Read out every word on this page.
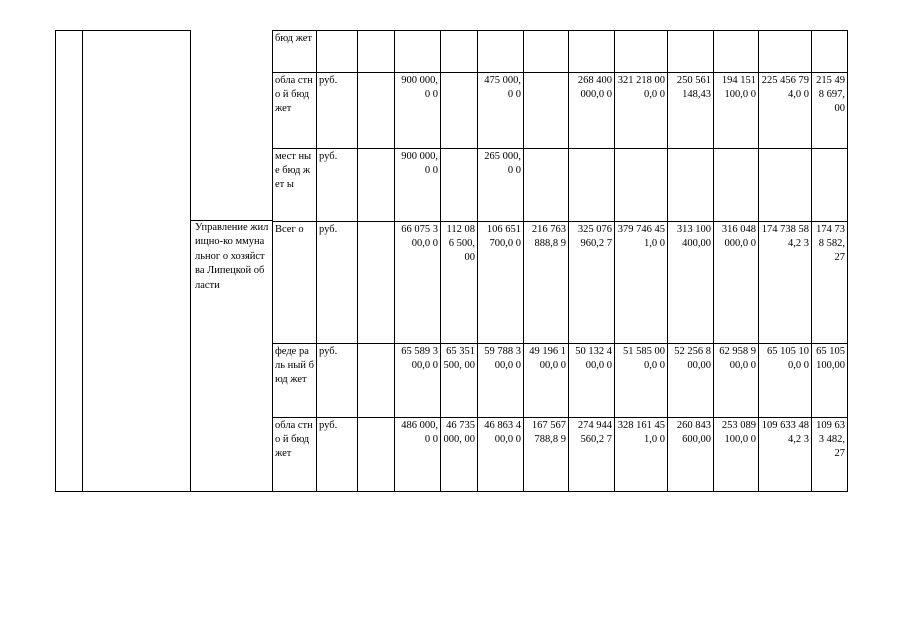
Управление жилищно-ко ммунальног о хозяйства Липецкой области
бюд жет												
обла стно й бюд жет	руб.		900 000,0 0		475 000,0 0		268 400 000,0 0	321 218 000,0 0	250 561 148,43	194 151 100,0 0	225 456 794,0 0	215 498 697,00
мест ные бюд жет ы	руб.		900 000,0 0		265 000,0 0							
Всег о	руб.		66 075 300,0 0	112 086 500, 00	106 651 700,0 0	216 763 888,8 9	325 076 960,2 7	379 746 451,0 0	313 100 400,00	316 048 000,0 0	174 738 584,2 3	174 738 582,27
феде раль ный бюд жет	руб.		65 589 300,0 0	65 351 500, 00	59 788 300,0 0	49 196 100,0 0	50 132 400,0 0	51 585 000,0 0	52 256 800,00	62 958 900,0 0	65 105 100,0 0	65 105 100,00
обла стно й бюд жет	руб.		486 000,0 0	46 735 000, 00	46 863 400,0 0	167 567 788,8 9	274 944 560,2 7	328 161 451,0 0	260 843 600,00	253 089 100,0 0	109 633 484,2 3	109 633 482,27
